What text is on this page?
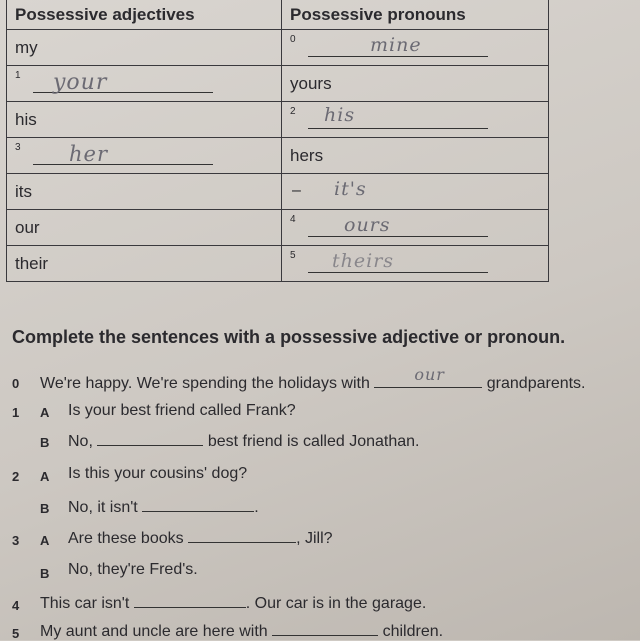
Possessive adjectives	Possessive pronouns
my	0 mine

1 your	yours
his	2 his

3 her	hers
its	– it's

our	4 ours

their	5 theirs
Complete the sentences with a possessive adjective or pronoun.
0 We're happy. We're spending the holidays with	our	grandparents.
1 A Is your best friend called Frank?
B No,	best friend is called Jonathan.
2 A Is this your cousins' dog?
B No, it isn't	.
3 A Are these books	, Jill?
B No, they're Fred's.
4 This car isn't	. Our car is in the garage.
5 My aunt and uncle are here with	children.
